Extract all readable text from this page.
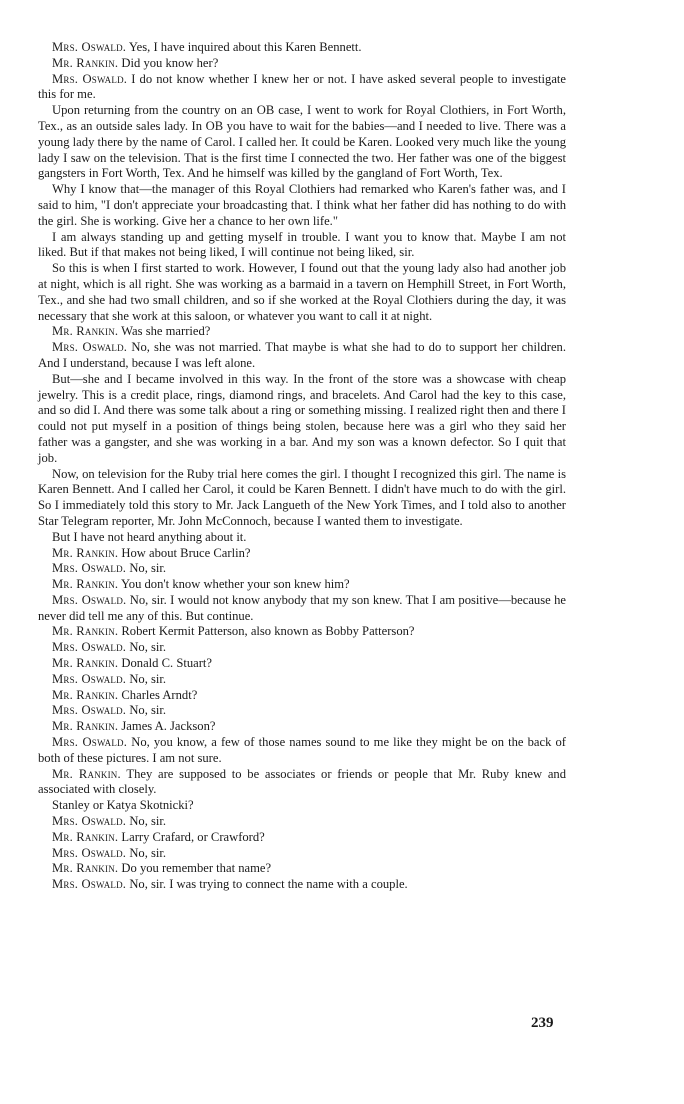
Mrs. Oswald. Yes, I have inquired about this Karen Bennett.

Mr. Rankin. Did you know her?

Mrs. Oswald. I do not know whether I knew her or not. I have asked several people to investigate this for me.

Upon returning from the country on an OB case, I went to work for Royal Clothiers, in Fort Worth, Tex., as an outside sales lady. In OB you have to wait for the babies—and I needed to live. There was a young lady there by the name of Carol. I called her. It could be Karen. Looked very much like the young lady I saw on the television. That is the first time I connected the two. Her father was one of the biggest gangsters in Fort Worth, Tex. And he himself was killed by the gangland of Fort Worth, Tex.

Why I know that—the manager of this Royal Clothiers had remarked who Karen's father was, and I said to him, "I don't appreciate your broadcasting that. I think what her father did has nothing to do with the girl. She is working. Give her a chance to her own life."

I am always standing up and getting myself in trouble. I want you to know that. Maybe I am not liked. But if that makes not being liked, I will continue not being liked, sir.

So this is when I first started to work. However, I found out that the young lady also had another job at night, which is all right. She was working as a barmaid in a tavern on Hemphill Street, in Fort Worth, Tex., and she had two small children, and so if she worked at the Royal Clothiers during the day, it was necessary that she work at this saloon, or whatever you want to call it at night.

Mr. Rankin. Was she married?

Mrs. Oswald. No, she was not married. That maybe is what she had to do to support her children. And I understand, because I was left alone.

But—she and I became involved in this way. In the front of the store was a showcase with cheap jewelry. This is a credit place, rings, diamond rings, and bracelets. And Carol had the key to this case, and so did I. And there was some talk about a ring or something missing. I realized right then and there I could not put myself in a position of things being stolen, because here was a girl who they said her father was a gangster, and she was working in a bar. And my son was a known defector. So I quit that job.

Now, on television for the Ruby trial here comes the girl. I thought I recognized this girl. The name is Karen Bennett. And I called her Carol, it could be Karen Bennett. I didn't have much to do with the girl. So I immediately told this story to Mr. Jack Langueth of the New York Times, and I told also to another Star Telegram reporter, Mr. John McConnoch, because I wanted them to investigate.

But I have not heard anything about it.

Mr. Rankin. How about Bruce Carlin?

Mrs. Oswald. No, sir.

Mr. Rankin. You don't know whether your son knew him?

Mrs. Oswald. No, sir. I would not know anybody that my son knew. That I am positive—because he never did tell me any of this. But continue.

Mr. Rankin. Robert Kermit Patterson, also known as Bobby Patterson?

Mrs. Oswald. No, sir.

Mr. Rankin. Donald C. Stuart?

Mrs. Oswald. No, sir.

Mr. Rankin. Charles Arndt?

Mrs. Oswald. No, sir.

Mr. Rankin. James A. Jackson?

Mrs. Oswald. No, you know, a few of those names sound to me like they might be on the back of both of these pictures. I am not sure.

Mr. Rankin. They are supposed to be associates or friends or people that Mr. Ruby knew and associated with closely.

Stanley or Katya Skotnicki?

Mrs. Oswald. No, sir.

Mr. Rankin. Larry Crafard, or Crawford?

Mrs. Oswald. No, sir.

Mr. Rankin. Do you remember that name?

Mrs. Oswald. No, sir. I was trying to connect the name with a couple.

239
